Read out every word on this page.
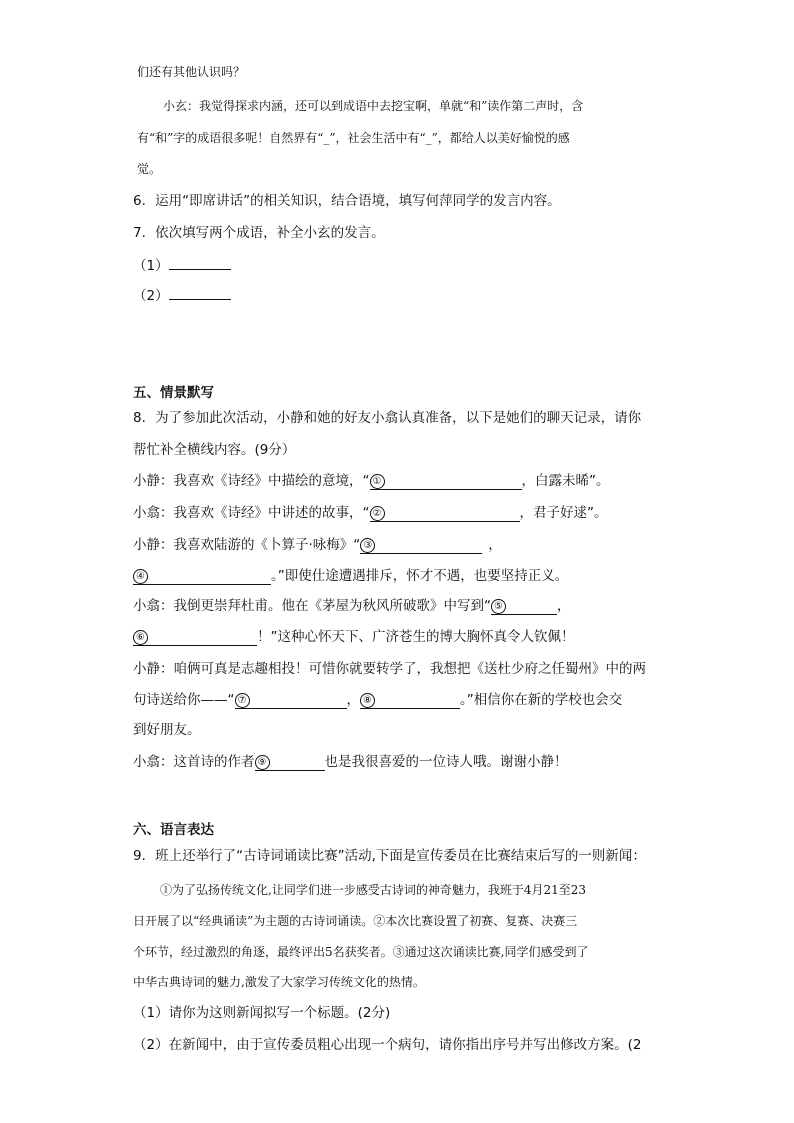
们还有其他认识吗？
小玄：我觉得探求内涵，还可以到成语中去挖宝啊，单就“和”读作第二声时，含
有“和”字的成语很多呢！自然界有“_”，社会生活中有“_”，都给人以美好愉悦的感
觉。
6．运用“即席讲话”的相关知识，结合语境，填写何萍同学的发言内容。
7．依次填写两个成语，补全小玄的发言。
（1）
（2）
五、情景默写
8．为了参加此次活动，小静和她的好友小翕认真准备，以下是她们的聊天记录，请你
帮忙补全横线内容。(9分）
小静：我喜欢《诗经》中描绘的意境，“ ①	，白露未晞”。
小翕：我喜欢《诗经》中讲述的故事，“ ②	，君子好逑”。
小静：我喜欢陆游的《卜算子·咏梅》“ ③	，
④	。”即使仕途遭遇排斥，怀才不遇，也要坚持正义。
小翕：我倒更崇拜杜甫。他在《茅屋为秋风所破歌》中写到“ ⑤	，
⑥	！”这种心怀天下、广济苍生的博大胸怀真令人钦佩！
小静：咱俩可真是志趣相投！可惜你就要转学了，我想把《送杜少府之任蜀州》中的两
句诗送给你——“ ⑦	， ⑧	。”相信你在新的学校也会交
到好朋友。
小翕：这首诗的作者 ⑨	也是我很喜爱的一位诗人哦。谢谢小静！
六、语言表达
9．班上还举行了“古诗词诵读比赛”活动,下面是宣传委员在比赛结束后写的一则新闻：
①为了弘扬传统文化,让同学们进一步感受古诗词的神奇魅力，我班于4月21至23
日开展了以“经典诵读”为主题的古诗词诵读。②本次比赛设置了初赛、复赛、决赛三
个环节，经过激烈的角逐，最终评出5名获奖者。③通过这次诵读比赛,同学们感受到了
中华古典诗词的魅力,激发了大家学习传统文化的热情。
（1）请你为这则新闻拟写一个标题。(2分)
（2）在新闻中，由于宣传委员粗心出现一个病句，请你指出序号并写出修改方案。(2
